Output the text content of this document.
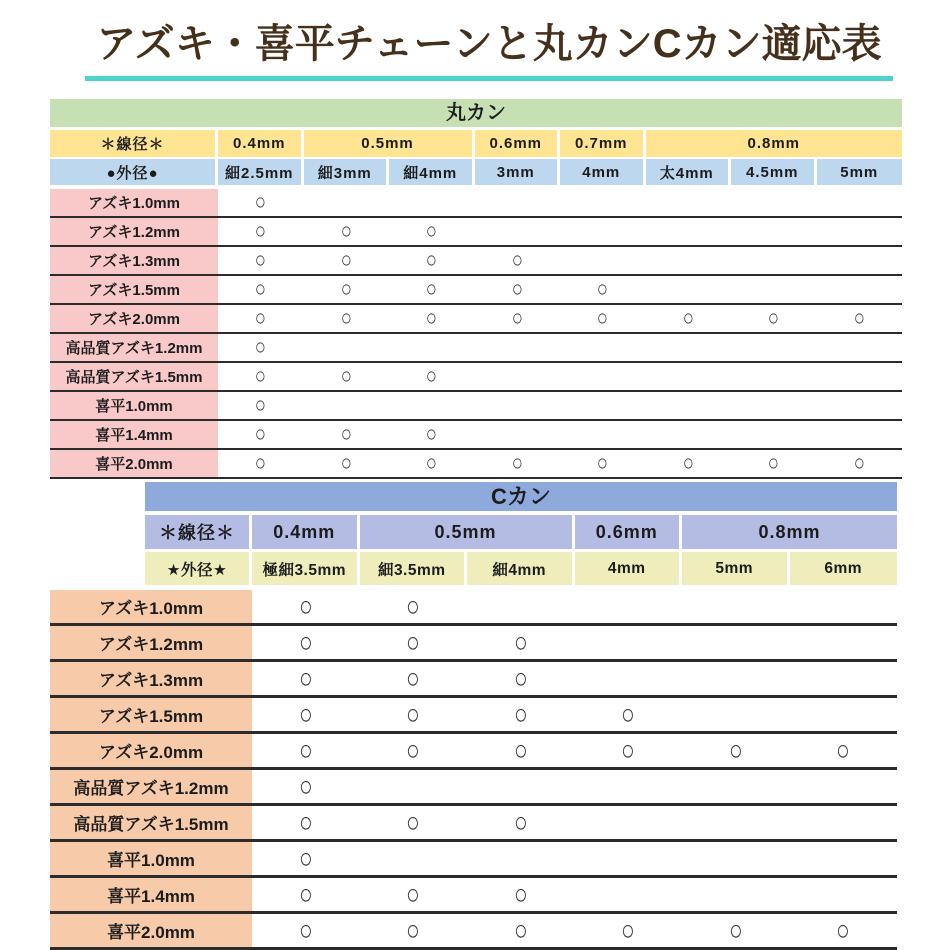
アズキ・喜平チェーンと丸カンCカン適応表
丸カン
＊線径＊	0.4mm	0.5mm	0.6mm	0.7mm	0.8mm
●外径●	細2.5mm	細3mm	細4mm	3mm	4mm	太4mm	4.5mm	5mm
アズキ1.0mm	○
アズキ1.2mm	○	○	○
アズキ1.3mm	○	○	○	○
アズキ1.5mm	○	○	○	○	○
アズキ2.0mm	○	○	○	○	○	○	○	○
高品質アズキ1.2mm	○
高品質アズキ1.5mm	○	○	○
喜平1.0mm	○
喜平1.4mm	○	○	○
喜平2.0mm	○	○	○	○	○	○	○	○
Cカン
＊線径＊	0.4mm	0.5mm	0.6mm	0.8mm
★外径★	極細3.5mm	細3.5mm	細4mm	4mm	5mm	6mm
アズキ1.0mm	○	○
アズキ1.2mm	○	○	○
アズキ1.3mm	○	○	○
アズキ1.5mm	○	○	○	○
アズキ2.0mm	○	○	○	○	○	○
高品質アズキ1.2mm	○
高品質アズキ1.5mm	○	○	○
喜平1.0mm	○
喜平1.4mm	○	○	○
喜平2.0mm	○	○	○	○	○	○
